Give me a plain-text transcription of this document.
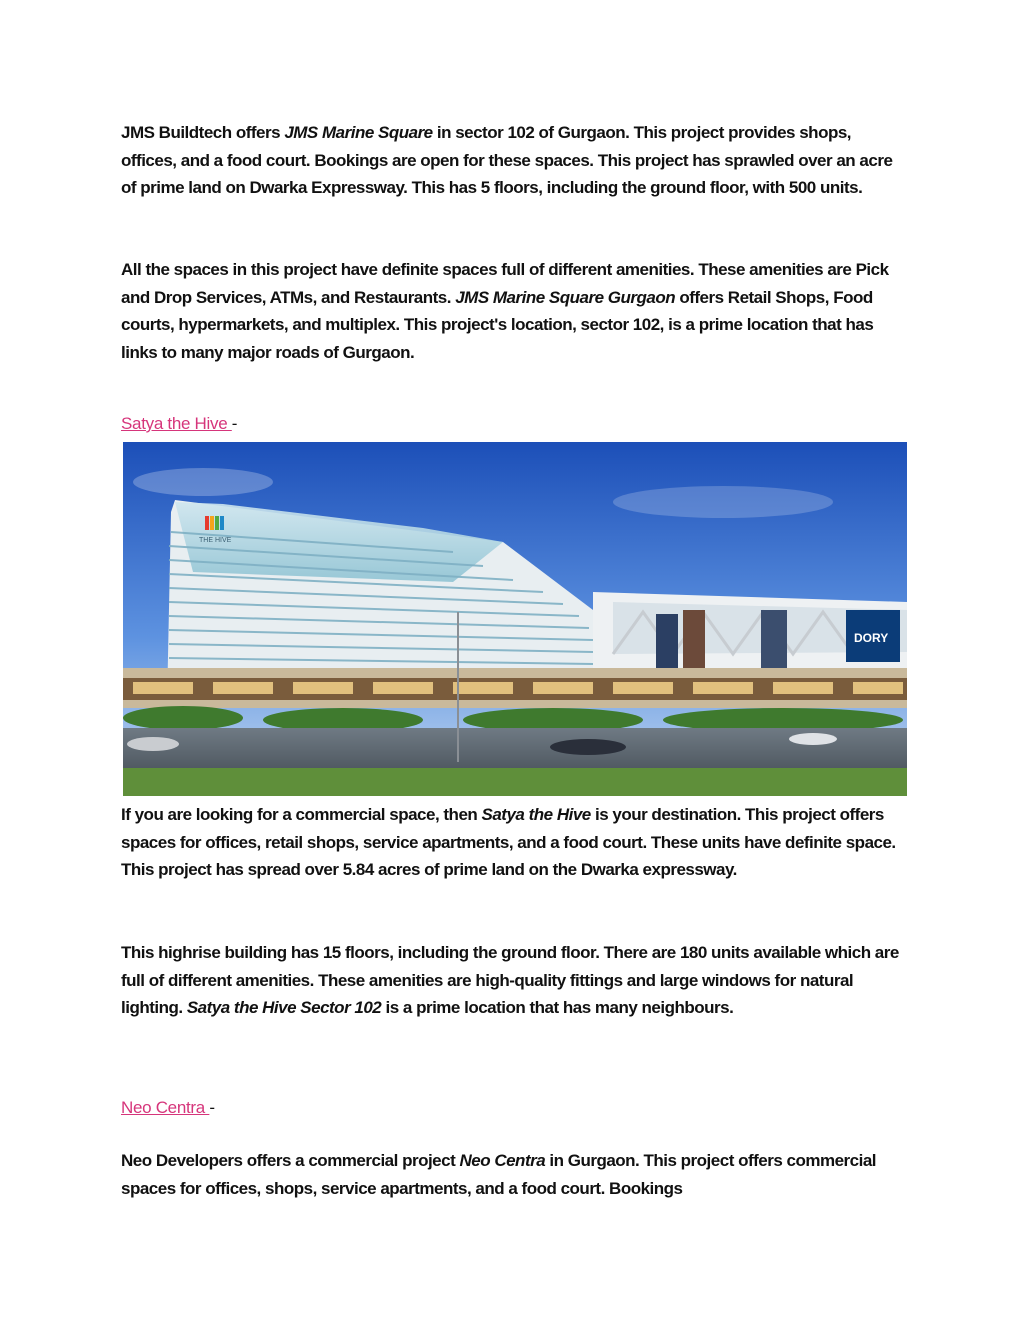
JMS Buildtech offers JMS Marine Square in sector 102 of Gurgaon. This project provides shops, offices, and a food court. Bookings are open for these spaces. This project has sprawled over an acre of prime land on Dwarka Expressway. This has 5 floors, including the ground floor, with 500 units.
All the spaces in this project have definite spaces full of different amenities. These amenities are Pick and Drop Services, ATMs, and Restaurants. JMS Marine Square Gurgaon offers Retail Shops, Food courts, hypermarkets, and multiplex. This project's location, sector 102, is a prime location that has links to many major roads of Gurgaon.
Satya the Hive -
THE HIVE
DORY
If you are looking for a commercial space, then Satya the Hive is your destination. This project offers spaces for offices, retail shops, service apartments, and a food court. These units have definite space. This project has spread over 5.84 acres of prime land on the Dwarka expressway.
This highrise building has 15 floors, including the ground floor. There are 180 units available which are full of different amenities. These amenities are high-quality fittings and large windows for natural lighting. Satya the Hive Sector 102 is a prime location that has many neighbours.
Neo Centra -
Neo Developers offers a commercial project Neo Centra in Gurgaon. This project offers commercial spaces for offices, shops, service apartments, and a food court. Bookings
